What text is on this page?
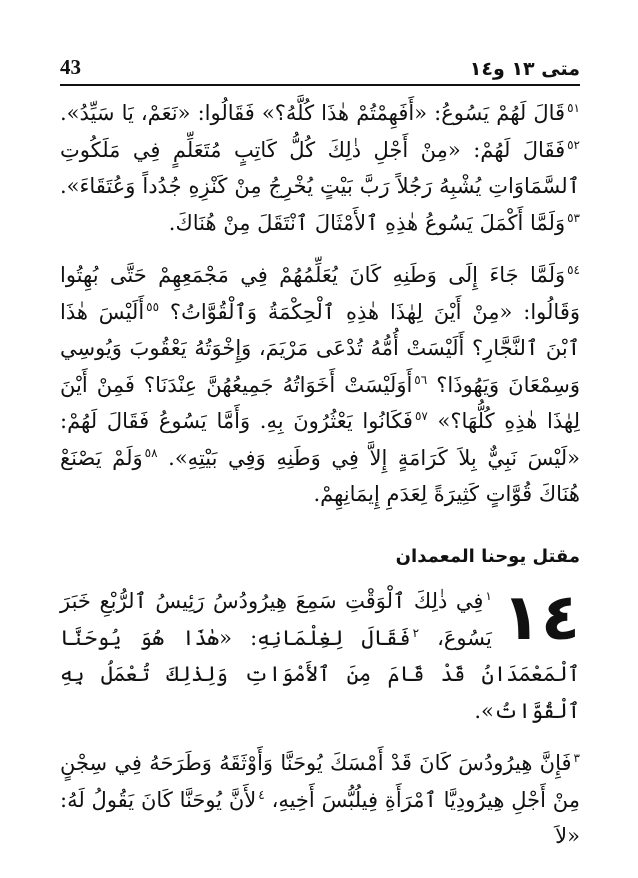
متى ١٣ و١٤
43

$^{٥١}$قَالَ لَهُمْ يَسُوعُ: «أَفَهِمْتُمْ هٰذَا كُلَّهُ؟» فَقَالُوا: «نَعَمْ، يَا سَيِّدُ». $^{٥٢}$فَقَالَ لَهُمْ: «مِنْ أَجْلِ ذٰلِكَ كُلُّ كَاتِبٍ مُتَعَلِّمٍ فِي مَلَكُوتِ ٱلسَّمَاوَاتِ يُشْبِهُ رَجُلاً رَبَّ بَيْتٍ يُخْرِجُ مِنْ كَنْزِهِ جُدُداً وَعُتَقَاءَ». $^{٥٣}$وَلَمَّا أَكْمَلَ يَسُوعُ هٰذِهِ ٱلأَمْثَالَ ٱنْتَقَلَ مِنْ هُنَاكَ.

$^{٥٤}$وَلَمَّا جَاءَ إِلَى وَطَنِهِ كَانَ يُعَلِّمُهُمْ فِي مَجْمَعِهِمْ حَتَّى بُهِتُوا وَقَالُوا: «مِنْ أَيْنَ لِهٰذَا هٰذِهِ ٱلْحِكْمَةُ وَٱلْقُوَّاتُ؟ $^{٥٥}$أَلَيْسَ هٰذَا ٱبْنَ ٱلنَّجَّارِ؟ أَلَيْسَتْ أُمُّهُ تُدْعَى مَرْيَمَ، وَإِخْوَتُهُ يَعْقُوبَ وَيُوسِي وَسِمْعَانَ وَيَهُوذَا؟ $^{٥٦}$أَوَلَيْسَتْ أَخَوَاتُهُ جَمِيعُهُنَّ عِنْدَنَا؟ فَمِنْ أَيْنَ لِهٰذَا هٰذِهِ كُلُّهَا؟» $^{٥٧}$فَكَانُوا يَعْثُرُونَ بِهِ. وَأَمَّا يَسُوعُ فَقَالَ لَهُمْ: «لَيْسَ نَبِيٌّ بِلاَ كَرَامَةٍ إِلاَّ فِي وَطَنِهِ وَفِي بَيْتِهِ». $^{٥٨}$وَلَمْ يَصْنَعْ هُنَاكَ قُوَّاتٍ كَثِيرَةً لِعَدَمِ إِيمَانِهِمْ.

مقتل يوحنا المعمدان

١٤
$^١$فِي ذٰلِكَ ٱلْوَقْتِ سَمِعَ هِيرُودُسُ رَئِيسُ ٱلرُّبْعِ خَبَرَ يَسُوعَ، $^٢$فَقَالَ لِغِلْمَانِهِ: «هٰذَا هُوَ يُوحَنَّا ٱلْمَعْمَدَانُ قَدْ قَامَ مِنَ ٱلأَمْوَاتِ وَلِذٰلِكَ تُعْمَلُ بِهِ ٱلْقُوَّاتُ».

$^٣$فَإِنَّ هِيرُودُسَ كَانَ قَدْ أَمْسَكَ يُوحَنَّا وَأَوْثَقَهُ وَطَرَحَهُ فِي سِجْنٍ مِنْ أَجْلِ هِيرُودِيَّا ٱمْرَأَةِ فِيلُبُّسَ أَخِيهِ، $^٤$لأَنَّ يُوحَنَّا كَانَ يَقُولُ لَهُ: «لاَ
